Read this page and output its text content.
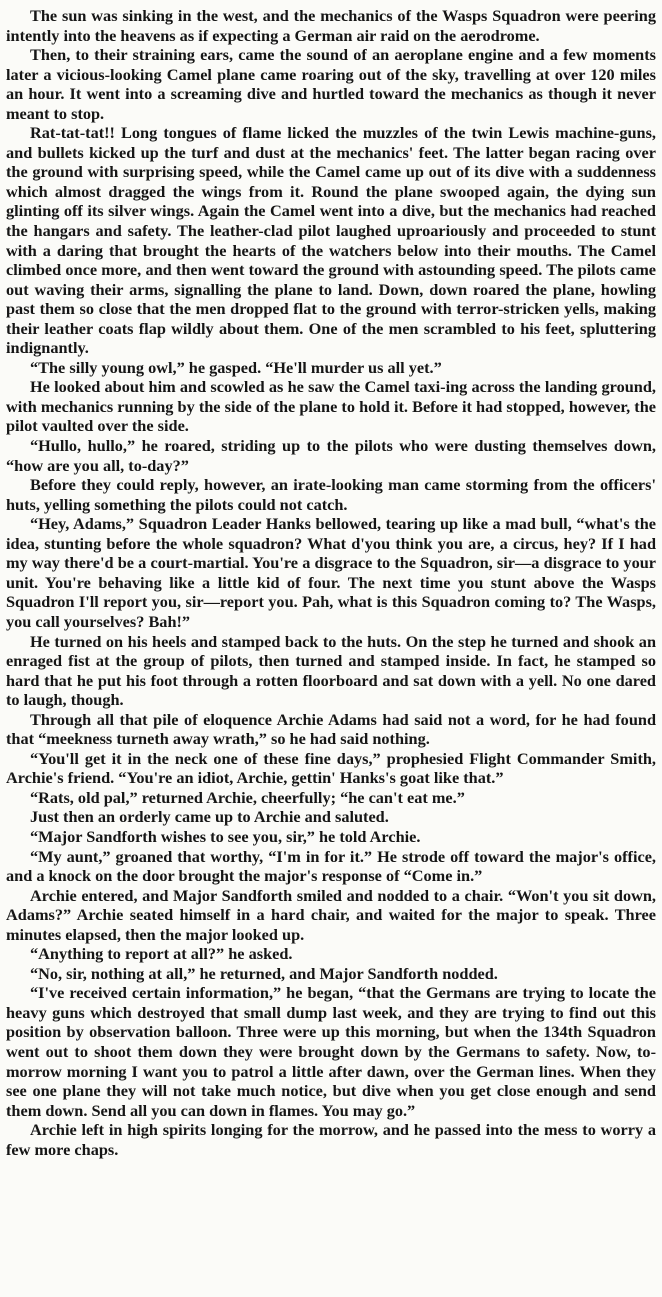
The sun was sinking in the west, and the mechanics of the Wasps Squadron were peering intently into the heavens as if expecting a German air raid on the aerodrome.

Then, to their straining ears, came the sound of an aeroplane engine and a few moments later a vicious-looking Camel plane came roaring out of the sky, travelling at over 120 miles an hour. It went into a screaming dive and hurtled toward the mechanics as though it never meant to stop.

Rat-tat-tat!! Long tongues of flame licked the muzzles of the twin Lewis machine-guns, and bullets kicked up the turf and dust at the mechanics' feet. The latter began racing over the ground with surprising speed, while the Camel came up out of its dive with a suddenness which almost dragged the wings from it. Round the plane swooped again, the dying sun glinting off its silver wings. Again the Camel went into a dive, but the mechanics had reached the hangars and safety. The leather-clad pilot laughed uproariously and proceeded to stunt with a daring that brought the hearts of the watchers below into their mouths. The Camel climbed once more, and then went toward the ground with astounding speed. The pilots came out waving their arms, signalling the plane to land. Down, down roared the plane, howling past them so close that the men dropped flat to the ground with terror-stricken yells, making their leather coats flap wildly about them. One of the men scrambled to his feet, spluttering indignantly.

“The silly young owl,” he gasped. “He'll murder us all yet.”

He looked about him and scowled as he saw the Camel taxi-ing across the landing ground, with mechanics running by the side of the plane to hold it. Before it had stopped, however, the pilot vaulted over the side.

“Hullo, hullo,” he roared, striding up to the pilots who were dusting themselves down, “how are you all, to-day?”

Before they could reply, however, an irate-looking man came storming from the officers' huts, yelling something the pilots could not catch.

“Hey, Adams,” Squadron Leader Hanks bellowed, tearing up like a mad bull, “what's the idea, stunting before the whole squadron? What d'you think you are, a circus, hey? If I had my way there'd be a court-martial. You're a disgrace to the Squadron, sir—a disgrace to your unit. You're behaving like a little kid of four. The next time you stunt above the Wasps Squadron I'll report you, sir—report you. Pah, what is this Squadron coming to? The Wasps, you call yourselves? Bah!”

He turned on his heels and stamped back to the huts. On the step he turned and shook an enraged fist at the group of pilots, then turned and stamped inside. In fact, he stamped so hard that he put his foot through a rotten floorboard and sat down with a yell. No one dared to laugh, though.

Through all that pile of eloquence Archie Adams had said not a word, for he had found that “meekness turneth away wrath,” so he had said nothing.

“You'll get it in the neck one of these fine days,” prophesied Flight Commander Smith, Archie's friend. “You're an idiot, Archie, gettin' Hanks's goat like that.”

“Rats, old pal,” returned Archie, cheerfully; “he can't eat me.”

Just then an orderly came up to Archie and saluted.

“Major Sandforth wishes to see you, sir,” he told Archie.

“My aunt,” groaned that worthy, “I'm in for it.” He strode off toward the major's office, and a knock on the door brought the major's response of “Come in.”

Archie entered, and Major Sandforth smiled and nodded to a chair. “Won't you sit down, Adams?” Archie seated himself in a hard chair, and waited for the major to speak. Three minutes elapsed, then the major looked up.

“Anything to report at all?” he asked.

“No, sir, nothing at all,” he returned, and Major Sandforth nodded.

“I've received certain information,” he began, “that the Germans are trying to locate the heavy guns which destroyed that small dump last week, and they are trying to find out this position by observation balloon. Three were up this morning, but when the 134th Squadron went out to shoot them down they were brought down by the Germans to safety. Now, to-morrow morning I want you to patrol a little after dawn, over the German lines. When they see one plane they will not take much notice, but dive when you get close enough and send them down. Send all you can down in flames. You may go.”

Archie left in high spirits longing for the morrow, and he passed into the mess to worry a few more chaps.
